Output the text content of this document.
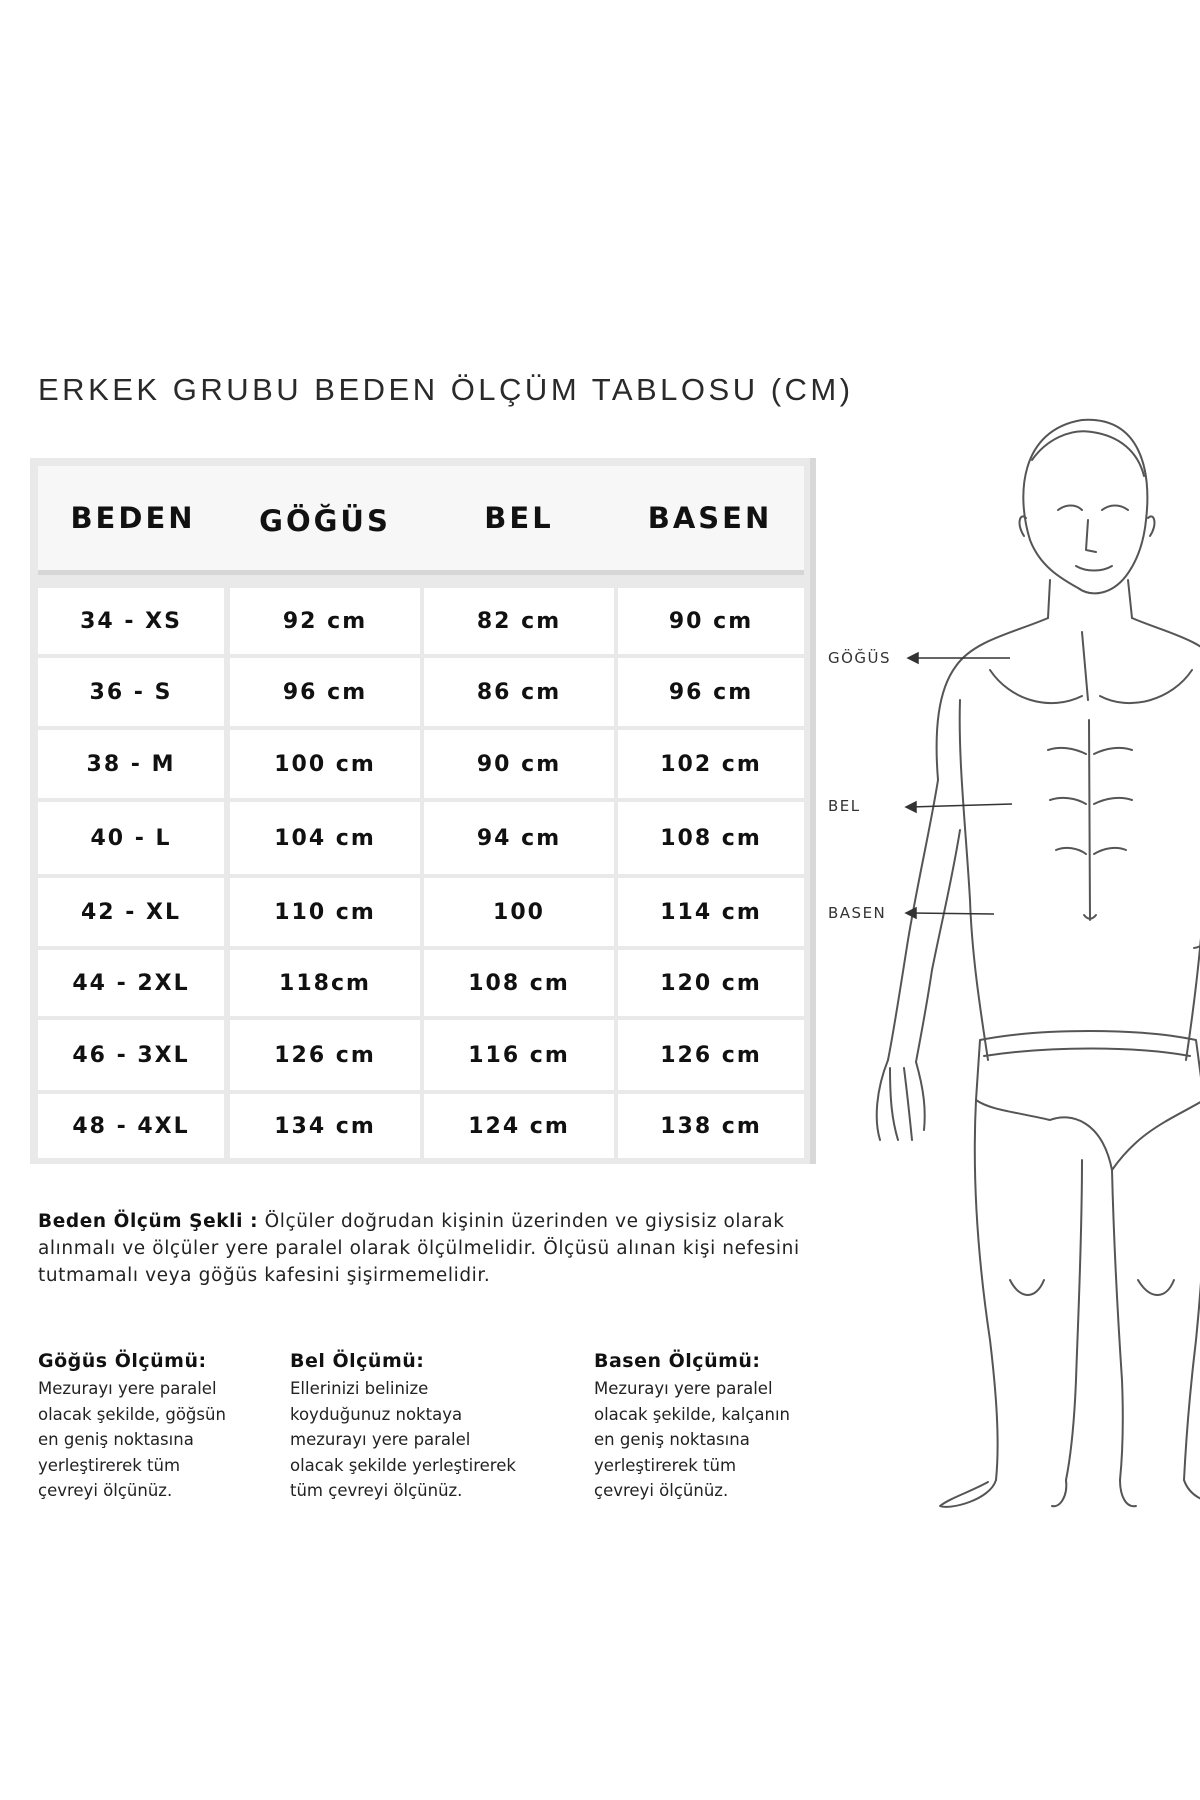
ERKEK GRUBU BEDEN ÖLÇÜM TABLOSU (CM)
BEDEN	GÖĞÜS	BEL	BASEN
34 - XS	92 cm	82 cm	90 cm
36 - S	96 cm	86 cm	96 cm
38 - M	100 cm	90 cm	102 cm
40 - L	104 cm	94 cm	108 cm
42 - XL	110 cm	100	114 cm
44 - 2XL	118cm	108 cm	120 cm
46 - 3XL	126 cm	116 cm	126 cm
48 - 4XL	134 cm	124 cm	138 cm
Beden Ölçüm Şekli : Ölçüler doğrudan kişinin üzerinden ve giysisiz olarak alınmalı ve ölçüler yere paralel olarak ölçülmelidir. Ölçüsü alınan kişi nefesini tutmamalı veya göğüs kafesini şişirmemelidir.
Göğüs Ölçümü:
Mezurayı yere paralel
olacak şekilde, göğsün
en geniş noktasına
yerleştirerek tüm
çevreyi ölçünüz.
Bel Ölçümü:
Ellerinizi belinize
koyduğunuz noktaya
mezurayı yere paralel
olacak şekilde yerleştirerek
tüm çevreyi ölçünüz.
Basen Ölçümü:
Mezurayı yere paralel
olacak şekilde, kalçanın
en geniş noktasına
yerleştirerek tüm
çevreyi ölçünüz.
GÖĞÜS
BEL
BASEN
